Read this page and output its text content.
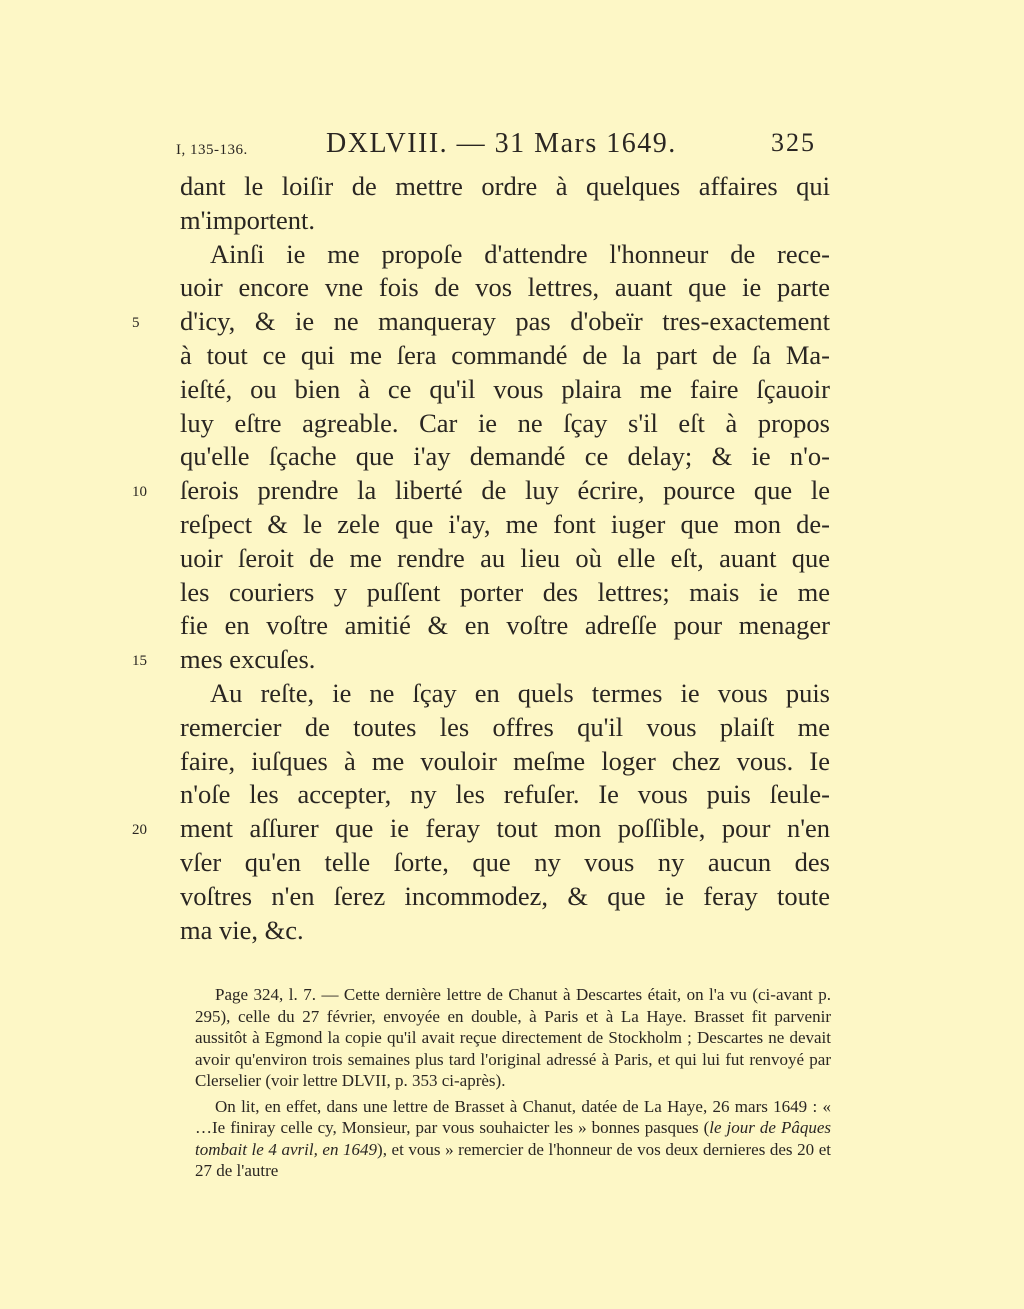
I, 135-136.	DXLVIII. — 31 Mars 1649.	325
dant le loiſir de mettre ordre à quelques affaires qui
m'importent.
Ainſi ie me propoſe d'attendre l'honneur de rece-
uoir encore vne fois de vos lettres, auant que ie parte
5	d'icy, & ie ne manqueray pas d'obeïr tres-exactement
à tout ce qui me ſera commandé de la part de ſa Ma-
ieſté, ou bien à ce qu'il vous plaira me faire ſçauoir
luy eſtre agreable. Car ie ne ſçay s'il eſt à propos
qu'elle ſçache que i'ay demandé ce delay; & ie n'o-
10	ſerois prendre la liberté de luy écrire, pource que le
reſpect & le zele que i'ay, me font iuger que mon de-
uoir ſeroit de me rendre au lieu où elle eſt, auant que
les couriers y puſſent porter des lettres; mais ie me
fie en voſtre amitié & en voſtre adreſſe pour menager
15	mes excuſes.
Au reſte, ie ne ſçay en quels termes ie vous puis
remercier de toutes les offres qu'il vous plaiſt me
faire, iuſques à me vouloir meſme loger chez vous. Ie
n'oſe les accepter, ny les refuſer. Ie vous puis ſeule-
20	ment aſſurer que ie feray tout mon poſſible, pour n'en
vſer qu'en telle ſorte, que ny vous ny aucun des
voſtres n'en ſerez incommodez, & que ie feray toute
ma vie, &c.

Page 324, l. 7. — Cette dernière lettre de Chanut à Descartes était, on l'a vu (ci-avant p. 295), celle du 27 février, envoyée en double, à Paris et à La Haye. Brasset fit parvenir aussitôt à Egmond la copie qu'il avait reçue directement de Stockholm ; Descartes ne devait avoir qu'environ trois semaines plus tard l'original adressé à Paris, et qui lui fut renvoyé par Clerselier (voir lettre DLVII, p. 353 ci-après).

On lit, en effet, dans une lettre de Brasset à Chanut, datée de La Haye, 26 mars 1649 : « …Ie finiray celle cy, Monsieur, par vous souhaicter les » bonnes pasques (le jour de Pâques tombait le 4 avril, en 1649), et vous » remercier de l'honneur de vos deux dernieres des 20 et 27 de l'autre
